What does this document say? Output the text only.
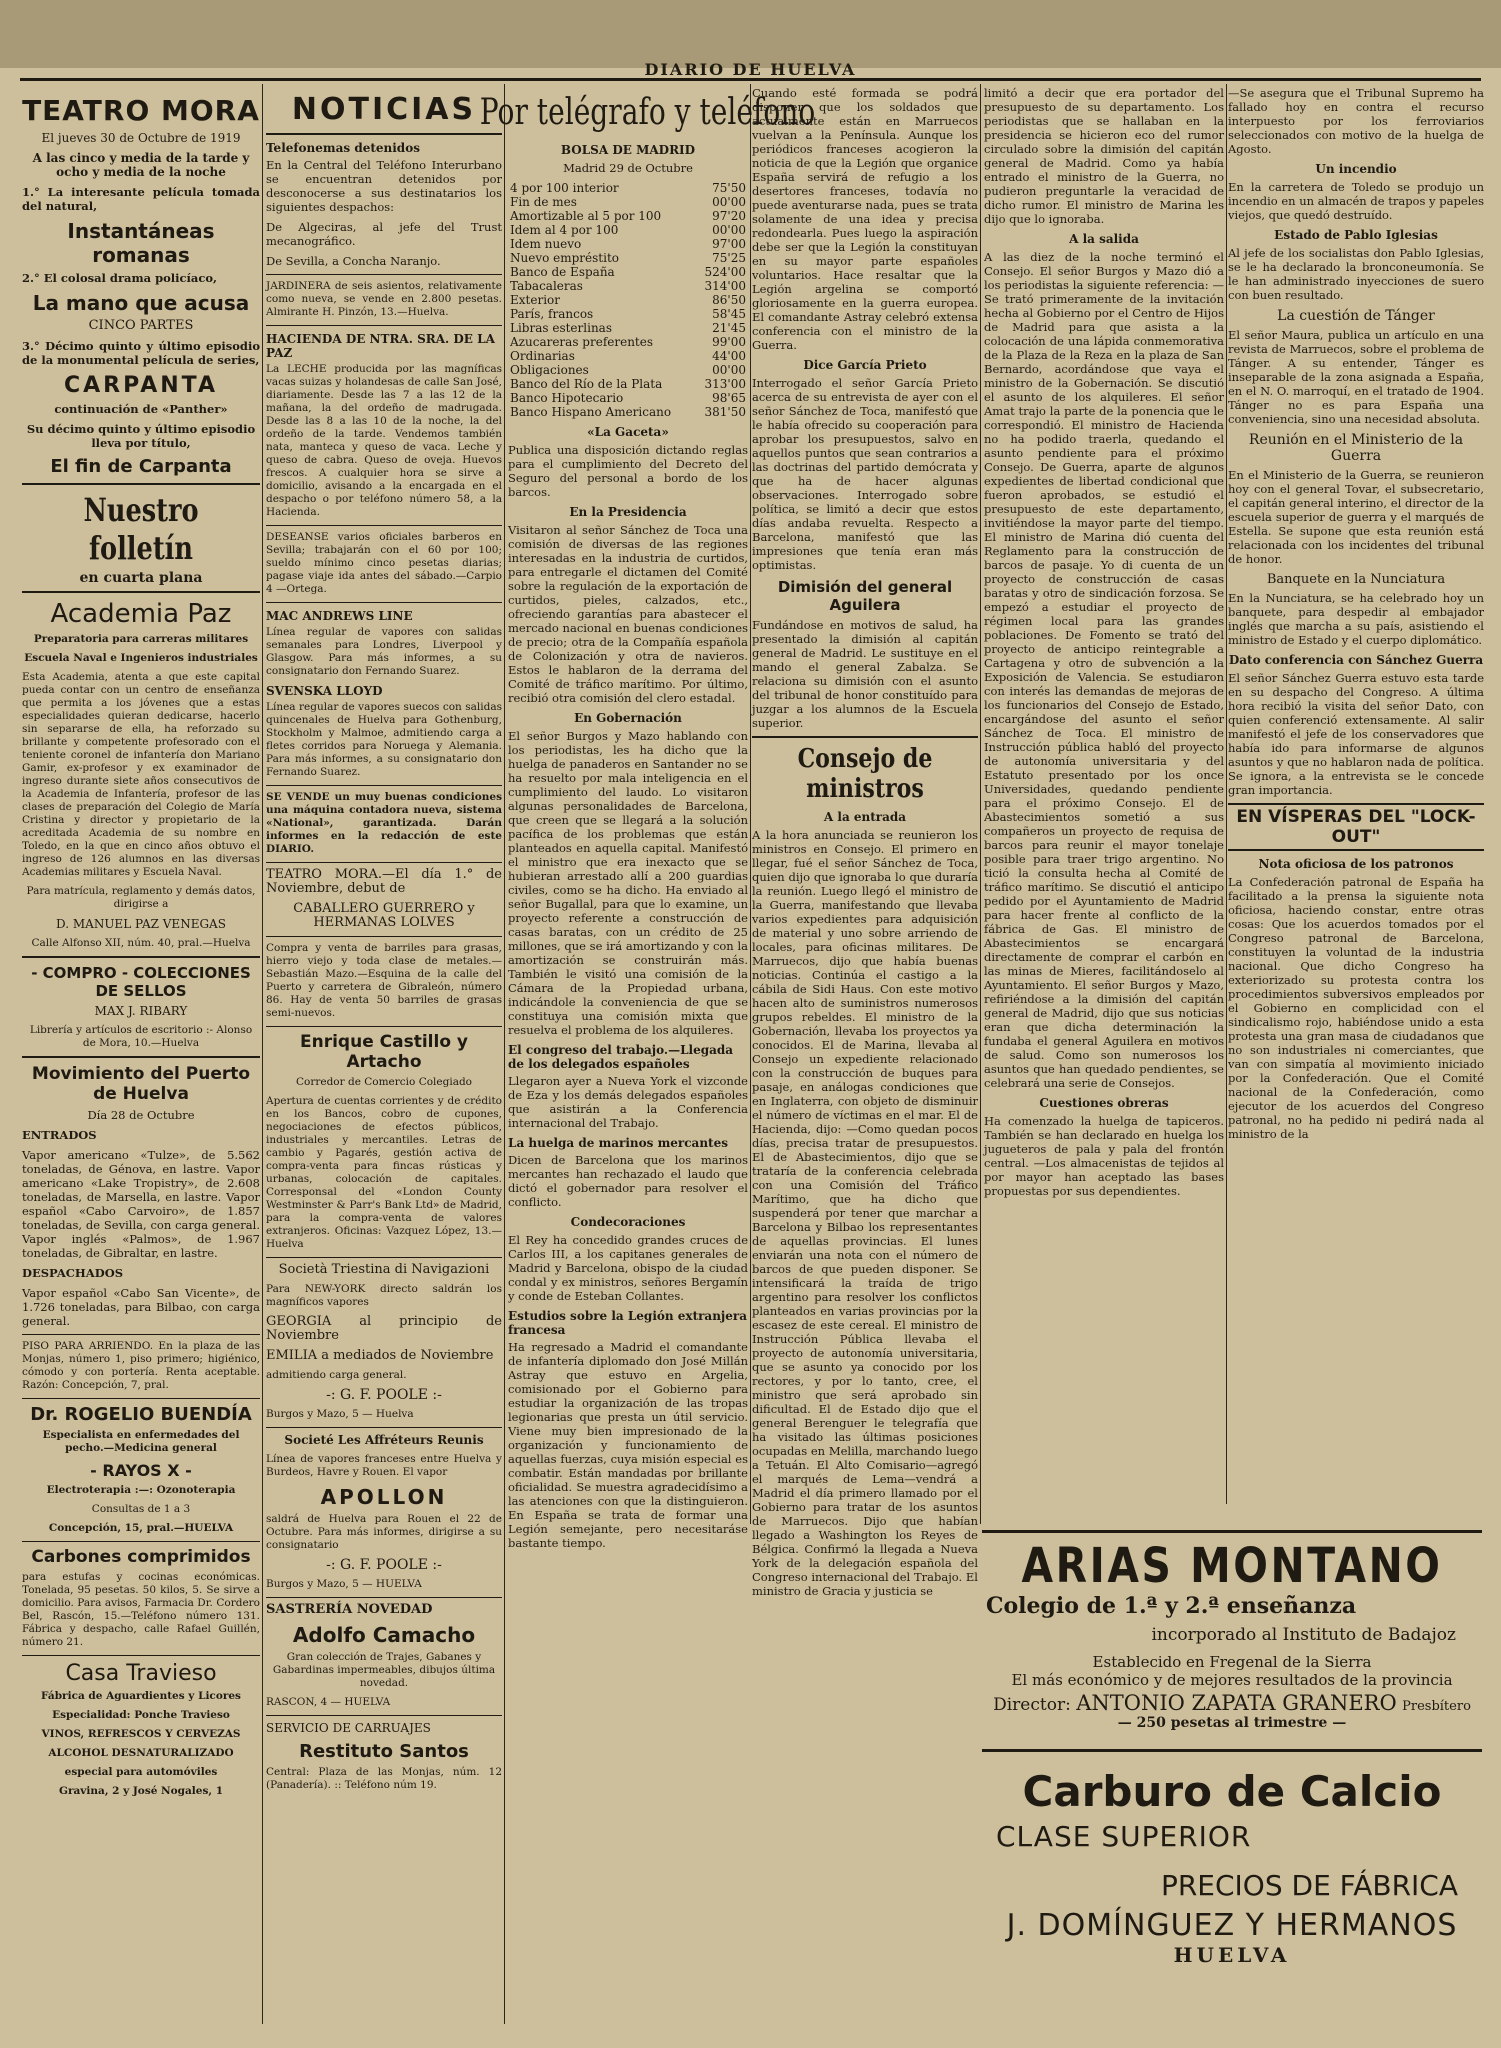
DIARIO DE HUELVA
TEATRO MORA

El jueves 30 de Octubre de 1919

A las cinco y media de la tarde y ocho y media de la noche

1.° La interesante película tomada del natural,

Instantáneas romanas

2.° El colosal drama policíaco,

La mano que acusa

CINCO PARTES

3.° Décimo quinto y último episodio de la monumental película de series,

CARPANTA

continuación de «Panther»

Su décimo quinto y último episodio lleva por título,

El fin de Carpanta
Nuestro folletín

en cuarta plana

Academia Paz

Preparatoria para carreras militares

Escuela Naval e Ingenieros industriales

Esta Academia, atenta a que este capital pueda contar con un centro de enseñanza que permita a los jóvenes que a estas especialidades quieran dedicarse, hacerlo sin separarse de ella, ha reforzado su brillante y competente profesorado con el teniente coronel de infantería don Mariano Gamir, ex-profesor y ex examinador de ingreso durante siete años consecutivos de la Academia de Infantería, profesor de las clases de preparación del Colegio de María Cristina y director y propietario de la acreditada Academia de su nombre en Toledo, en la que en cinco años obtuvo el ingreso de 126 alumnos en las diversas Academias militares y Escuela Naval.

Para matrícula, reglamento y demás datos, dirigirse a

D. MANUEL PAZ VENEGAS

Calle Alfonso XII, núm. 40, pral.—Huelva

- COMPRO - COLECCIONES DE SELLOS

MAX J. RIBARY

Librería y artículos de escritorio :- Alonso de Mora, 10.—Huelva

Movimiento del Puerto de Huelva

Día 28 de Octubre

ENTRADOS

Vapor americano «Tulze», de 5.562 toneladas, de Génova, en lastre. Vapor americano «Lake Tropistry», de 2.608 toneladas, de Marsella, en lastre. Vapor español «Cabo Carvoiro», de 1.857 toneladas, de Sevilla, con carga general. Vapor inglés «Palmos», de 1.967 toneladas, de Gibraltar, en lastre.

DESPACHADOS

Vapor español «Cabo San Vicente», de 1.726 toneladas, para Bilbao, con carga general.

PISO PARA ARRIENDO. En la plaza de las Monjas, número 1, piso primero; higiénico, cómodo y con portería. Renta aceptable. Razón: Concepción, 7, pral.

Dr. ROGELIO BUENDÍA

Especialista en enfermedades del pecho.—Medicina general

- RAYOS X -

Electroterapia :—: Ozonoterapia

Consultas de 1 a 3

Concepción, 15, pral.—HUELVA

Carbones comprimidos

para estufas y cocinas económicas. Tonelada, 95 pesetas. 50 kilos, 5. Se sirve a domicilio. Para avisos, Farmacia Dr. Cordero Bel, Rascón, 15.—Teléfono número 131. Fábrica y despacho, calle Rafael Guillén, número 21.

Casa Travieso

Fábrica de Aguardientes y Licores

Especialidad: Ponche Travieso

VINOS, REFRESCOS Y CERVEZAS

ALCOHOL DESNATURALIZADO

especial para automóviles

Gravina, 2 y José Nogales, 1

NOTICIAS
Telefonemas detenidos

En la Central del Teléfono Interurbano se encuentran detenidos por desconocerse a sus destinatarios los siguientes despachos:

De Algeciras, al jefe del Trust mecanográfico.

De Sevilla, a Concha Naranjo.

JARDINERA de seis asientos, relativamente como nueva, se vende en 2.800 pesetas. Almirante H. Pinzón, 13.—Huelva.

HACIENDA DE NTRA. SRA. DE LA PAZ

La LECHE producida por las magníficas vacas suizas y holandesas de calle San José, diariamente. Desde las 7 a las 12 de la mañana, la del ordeño de madrugada. Desde las 8 a las 10 de la noche, la del ordeño de la tarde. Vendemos también nata, manteca y queso de vaca. Leche y queso de cabra. Queso de oveja. Huevos frescos. A cualquier hora se sirve a domicilio, avisando a la encargada en el despacho o por teléfono número 58, a la Hacienda.

DESEANSE varios oficiales barberos en Sevilla; trabajarán con el 60 por 100; sueldo mínimo cinco pesetas diarias; pagase viaje ida antes del sábado.—Carpio 4 —Ortega.

MAC ANDREWS LINE

Línea regular de vapores con salidas semanales para Londres, Liverpool y Glasgow. Para más informes, a su consignatario don Fernando Suarez.

SVENSKA LLOYD

Línea regular de vapores suecos con salidas quincenales de Huelva para Gothenburg, Stockholm y Malmoe, admitiendo carga a fletes corridos para Noruega y Alemania. Para más informes, a su consignatario don Fernando Suarez.

SE VENDE un muy buenas condiciones una máquina contadora nueva, sistema «National», garantizada. Darán informes en la redacción de este DIARIO.

TEATRO MORA.—El día 1.° de Noviembre, debut de

CABALLERO GUERRERO y HERMANAS LOLVES

Compra y venta de barriles para grasas, hierro viejo y toda clase de metales.—Sebastián Mazo.—Esquina de la calle del Puerto y carretera de Gibraleón, número 86. Hay de venta 50 barriles de grasas semi-nuevos.

Enrique Castillo y Artacho

Corredor de Comercio Colegiado

Apertura de cuentas corrientes y de crédito en los Bancos, cobro de cupones, negociaciones de efectos públicos, industriales y mercantiles. Letras de cambio y Pagarés, gestión activa de compra-venta para fincas rústicas y urbanas, colocación de capitales. Corresponsal del «London County Westminster & Parr's Bank Ltd» de Madrid, para la compra-venta de valores extranjeros. Oficinas: Vazquez López, 13.—Huelva

Società Triestina di Navigazioni

Para NEW-YORK directo saldrán los magníficos vapores

GEORGIA al principio de Noviembre

EMILIA a mediados de Noviembre

admitiendo carga general.

-: G. F. POOLE :-

Burgos y Mazo, 5 — Huelva

Societé Les Affréteurs Reunis

Línea de vapores franceses entre Huelva y Burdeos, Havre y Rouen. El vapor

APOLLON

saldrá de Huelva para Rouen el 22 de Octubre. Para más informes, dirigirse a su consignatario

-: G. F. POOLE :-

Burgos y Mazo, 5 — HUELVA

SASTRERÍA NOVEDAD

Adolfo Camacho

Gran colección de Trajes, Gabanes y Gabardinas impermeables, dibujos última novedad.

RASCON, 4 — HUELVA

SERVICIO DE CARRUAJES

Restituto Santos

Central: Plaza de las Monjas, núm. 12 (Panadería). :: Teléfono núm 19.

Por telégrafo y teléfono
BOLSA DE MADRID

Madrid 29 de Octubre

4 por 100 interior	75'50
Fin de mes	00'00
Amortizable al 5 por 100	97'20
Idem al 4 por 100	00'00
Idem nuevo	97'00
Nuevo empréstito	75'25
Banco de España	524'00
Tabacaleras	314'00
Exterior	86'50
París, francos	58'45
Libras esterlinas	21'45
Azucareras preferentes	99'00
Ordinarias	44'00
Obligaciones	00'00
Banco del Río de la Plata	313'00
Banco Hipotecario	98'65
Banco Hispano Americano	381'50
«La Gaceta»

Publica una disposición dictando reglas para el cumplimiento del Decreto del Seguro del personal a bordo de los barcos.

En la Presidencia

Visitaron al señor Sánchez de Toca una comisión de diversas de las regiones interesadas en la industria de curtidos, para entregarle el dictamen del Comité sobre la regulación de la exportación de curtidos, pieles, calzados, etc., ofreciendo garantías para abastecer el mercado nacional en buenas condiciones de precio; otra de la Compañía española de Colonización y otra de navieros. Estos le hablaron de la derrama del Comité de tráfico marítimo. Por último, recibió otra comisión del clero estadal.

En Gobernación

El señor Burgos y Mazo hablando con los periodistas, les ha dicho que la huelga de panaderos en Santander no se ha resuelto por mala inteligencia en el cumplimiento del laudo. Lo visitaron algunas personalidades de Barcelona, que creen que se llegará a la solución pacífica de los problemas que están planteados en aquella capital. Manifestó el ministro que era inexacto que se hubieran arrestado allí a 200 guardias civiles, como se ha dicho. Ha enviado al señor Bugallal, para que lo examine, un proyecto referente a construcción de casas baratas, con un crédito de 25 millones, que se irá amortizando y con la amortización se construirán más. También le visitó una comisión de la Cámara de la Propiedad urbana, indicándole la conveniencia de que se constituya una comisión mixta que resuelva el problema de los alquileres.

El congreso del trabajo.—Llegada de los delegados españoles

Llegaron ayer a Nueva York el vizconde de Eza y los demás delegados españoles que asistirán a la Conferencia internacional del Trabajo.

La huelga de marinos mercantes

Dicen de Barcelona que los marinos mercantes han rechazado el laudo que dictó el gobernador para resolver el conflicto.

Condecoraciones

El Rey ha concedido grandes cruces de Carlos III, a los capitanes generales de Madrid y Barcelona, obispo de la ciudad condal y ex ministros, señores Bergamín y conde de Esteban Collantes.

Estudios sobre la Legión extranjera francesa

Ha regresado a Madrid el comandante de infantería diplomado don José Millán Astray que estuvo en Argelia, comisionado por el Gobierno para estudiar la organización de las tropas legionarias que presta un útil servicio. Viene muy bien impresionado de la organización y funcionamiento de aquellas fuerzas, cuya misión especial es combatir. Están mandadas por brillante oficialidad. Se muestra agradecidísimo a las atenciones con que la distinguieron. En España se trata de formar una Legión semejante, pero necesitaráse bastante tiempo.

Cuando esté formada se podrá disponer que los soldados que actualmente están en Marruecos vuelvan a la Península. Aunque los periódicos franceses acogieron la noticia de que la Legión que organice España servirá de refugio a los desertores franceses, todavía no puede aventurarse nada, pues se trata solamente de una idea y precisa redondearla. Pues luego la aspiración debe ser que la Legión la constituyan en su mayor parte españoles voluntarios. Hace resaltar que la Legión argelina se comportó gloriosamente en la guerra europea. El comandante Astray celebró extensa conferencia con el ministro de la Guerra.

Dice García Prieto

Interrogado el señor García Prieto acerca de su entrevista de ayer con el señor Sánchez de Toca, manifestó que le había ofrecido su cooperación para aprobar los presupuestos, salvo en aquellos puntos que sean contrarios a las doctrinas del partido demócrata y que ha de hacer algunas observaciones. Interrogado sobre política, se limitó a decir que estos días andaba revuelta. Respecto a Barcelona, manifestó que las impresiones que tenía eran más optimistas.

Dimisión del general Aguilera

Fundándose en motivos de salud, ha presentado la dimisión al capitán general de Madrid. Le sustituye en el mando el general Zabalza. Se relaciona su dimisión con el asunto del tribunal de honor constituído para juzgar a los alumnos de la Escuela superior.

Consejo de ministros
A la entrada

A la hora anunciada se reunieron los ministros en Consejo. El primero en llegar, fué el señor Sánchez de Toca, quien dijo que ignoraba lo que duraría la reunión. Luego llegó el ministro de la Guerra, manifestando que llevaba varios expedientes para adquisición de material y uno sobre arriendo de locales, para oficinas militares. De Marruecos, dijo que había buenas noticias. Continúa el castigo a la cábila de Sidi Haus. Con este motivo hacen alto de suministros numerosos grupos rebeldes. El ministro de la Gobernación, llevaba los proyectos ya conocidos. El de Marina, llevaba al Consejo un expediente relacionado con la construcción de buques para pasaje, en análogas condiciones que en Inglaterra, con objeto de disminuir el número de víctimas en el mar. El de Hacienda, dijo: —Como quedan pocos días, precisa tratar de presupuestos. El de Abastecimientos, dijo que se trataría de la conferencia celebrada con una Comisión del Tráfico Marítimo, que ha dicho que suspenderá por tener que marchar a Barcelona y Bilbao los representantes de aquellas provincias. El lunes enviarán una nota con el número de barcos de que pueden disponer. Se intensificará la traída de trigo argentino para resolver los conflictos planteados en varias provincias por la escasez de este cereal. El ministro de Instrucción Pública llevaba el proyecto de autonomía universitaria, que se asunto ya conocido por los rectores, y por lo tanto, cree, el ministro que será aprobado sin dificultad. El de Estado dijo que el general Berenguer le telegrafía que ha visitado las últimas posiciones ocupadas en Melilla, marchando luego a Tetuán. El Alto Comisario—agregó el marqués de Lema—vendrá a Madrid el día primero llamado por el Gobierno para tratar de los asuntos de Marruecos. Dijo que habían llegado a Washington los Reyes de Bélgica. Confirmó la llegada a Nueva York de la delegación española del Congreso internacional del Trabajo. El ministro de Gracia y justicia se

limitó a decir que era portador del presupuesto de su departamento. Los periodistas que se hallaban en la presidencia se hicieron eco del rumor circulado sobre la dimisión del capitán general de Madrid. Como ya había entrado el ministro de la Guerra, no pudieron preguntarle la veracidad de dicho rumor. El ministro de Marina les dijo que lo ignoraba.

A la salida

A las diez de la noche terminó el Consejo. El señor Burgos y Mazo dió a los periodistas la siguiente referencia: —Se trató primeramente de la invitación hecha al Gobierno por el Centro de Hijos de Madrid para que asista a la colocación de una lápida conmemorativa de la Plaza de la Reza en la plaza de San Bernardo, acordándose que vaya el ministro de la Gobernación. Se discutió el asunto de los alquileres. El señor Amat trajo la parte de la ponencia que le correspondió. El ministro de Hacienda no ha podido traerla, quedando el asunto pendiente para el próximo Consejo. De Guerra, aparte de algunos expedientes de libertad condicional que fueron aprobados, se estudió el presupuesto de este departamento, invitiéndose la mayor parte del tiempo. El ministro de Marina dió cuenta del Reglamento para la construcción de barcos de pasaje. Yo di cuenta de un proyecto de construcción de casas baratas y otro de sindicación forzosa. Se empezó a estudiar el proyecto de régimen local para las grandes poblaciones. De Fomento se trató del proyecto de anticipo reintegrable a Cartagena y otro de subvención a la Exposición de Valencia. Se estudiaron con interés las demandas de mejoras de los funcionarios del Consejo de Estado, encargándose del asunto el señor Sánchez de Toca. El ministro de Instrucción pública habló del proyecto de autonomía universitaria y del Estatuto presentado por los once Universidades, quedando pendiente para el próximo Consejo. El de Abastecimientos sometió a sus compañeros un proyecto de requisa de barcos para reunir el mayor tonelaje posible para traer trigo argentino. No tició la consulta hecha al Comité de tráfico marítimo. Se discutió el anticipo pedido por el Ayuntamiento de Madrid para hacer frente al conflicto de la fábrica de Gas. El ministro de Abastecimientos se encargará directamente de comprar el carbón en las minas de Mieres, facilitándoselo al Ayuntamiento. El señor Burgos y Mazo, refiriéndose a la dimisión del capitán general de Madrid, dijo que sus noticias eran que dicha determinación la fundaba el general Aguilera en motivos de salud. Como son numerosos los asuntos que han quedado pendientes, se celebrará una serie de Consejos.

Cuestiones obreras

Ha comenzado la huelga de tapiceros. También se han declarado en huelga los jugueteros de pala y pala del frontón central. —Los almacenistas de tejidos al por mayor han aceptado las bases propuestas por sus dependientes.

—Se asegura que el Tribunal Supremo ha fallado hoy en contra el recurso interpuesto por los ferroviarios seleccionados con motivo de la huelga de Agosto.

Un incendio

En la carretera de Toledo se produjo un incendio en un almacén de trapos y papeles viejos, que quedó destruído.

Estado de Pablo Iglesias

Al jefe de los socialistas don Pablo Iglesias, se le ha declarado la bronconeumonía. Se le han administrado inyecciones de suero con buen resultado.

La cuestión de Tánger

El señor Maura, publica un artículo en una revista de Marruecos, sobre el problema de Tánger. A su entender, Tánger es inseparable de la zona asignada a España, en el N. O. marroquí, en el tratado de 1904. Tánger no es para España una conveniencia, sino una necesidad absoluta.

Reunión en el Ministerio de la Guerra

En el Ministerio de la Guerra, se reunieron hoy con el general Tovar, el subsecretario, el capitán general interino, el director de la escuela superior de guerra y el marqués de Estella. Se supone que esta reunión está relacionada con los incidentes del tribunal de honor.

Banquete en la Nunciatura

En la Nunciatura, se ha celebrado hoy un banquete, para despedir al embajador inglés que marcha a su país, asistiendo el ministro de Estado y el cuerpo diplomático.

Dato conferencia con Sánchez Guerra

El señor Sánchez Guerra estuvo esta tarde en su despacho del Congreso. A última hora recibió la visita del señor Dato, con quien conferenció extensamente. Al salir manifestó el jefe de los conservadores que había ido para informarse de algunos asuntos y que no hablaron nada de política. Se ignora, a la entrevista se le concede gran importancia.

EN VÍSPERAS DEL "LOCK-OUT"
Nota oficiosa de los patronos

La Confederación patronal de España ha facilitado a la prensa la siguiente nota oficiosa, haciendo constar, entre otras cosas: Que los acuerdos tomados por el Congreso patronal de Barcelona, constituyen la voluntad de la industria nacional. Que dicho Congreso ha exteriorizado su protesta contra los procedimientos subversivos empleados por el Gobierno en complicidad con el sindicalismo rojo, habiéndose unido a esta protesta una gran masa de ciudadanos que no son industriales ni comerciantes, que van con simpatía al movimiento iniciado por la Confederación. Que el Comité nacional de la Confederación, como ejecutor de los acuerdos del Congreso patronal, no ha pedido ni pedirá nada al ministro de la

ARIAS MONTANO
Colegio de 1.ª y 2.ª enseñanza
incorporado al Instituto de Badajoz
Establecido en Fregenal de la Sierra
El más económico y de mejores resultados de la provincia
Director: ANTONIO ZAPATA GRANERO Presbítero
— 250 pesetas al trimestre —
Carburo de Calcio
CLASE SUPERIOR
PRECIOS DE FÁBRICA
J. DOMÍNGUEZ Y HERMANOS
HUELVA
